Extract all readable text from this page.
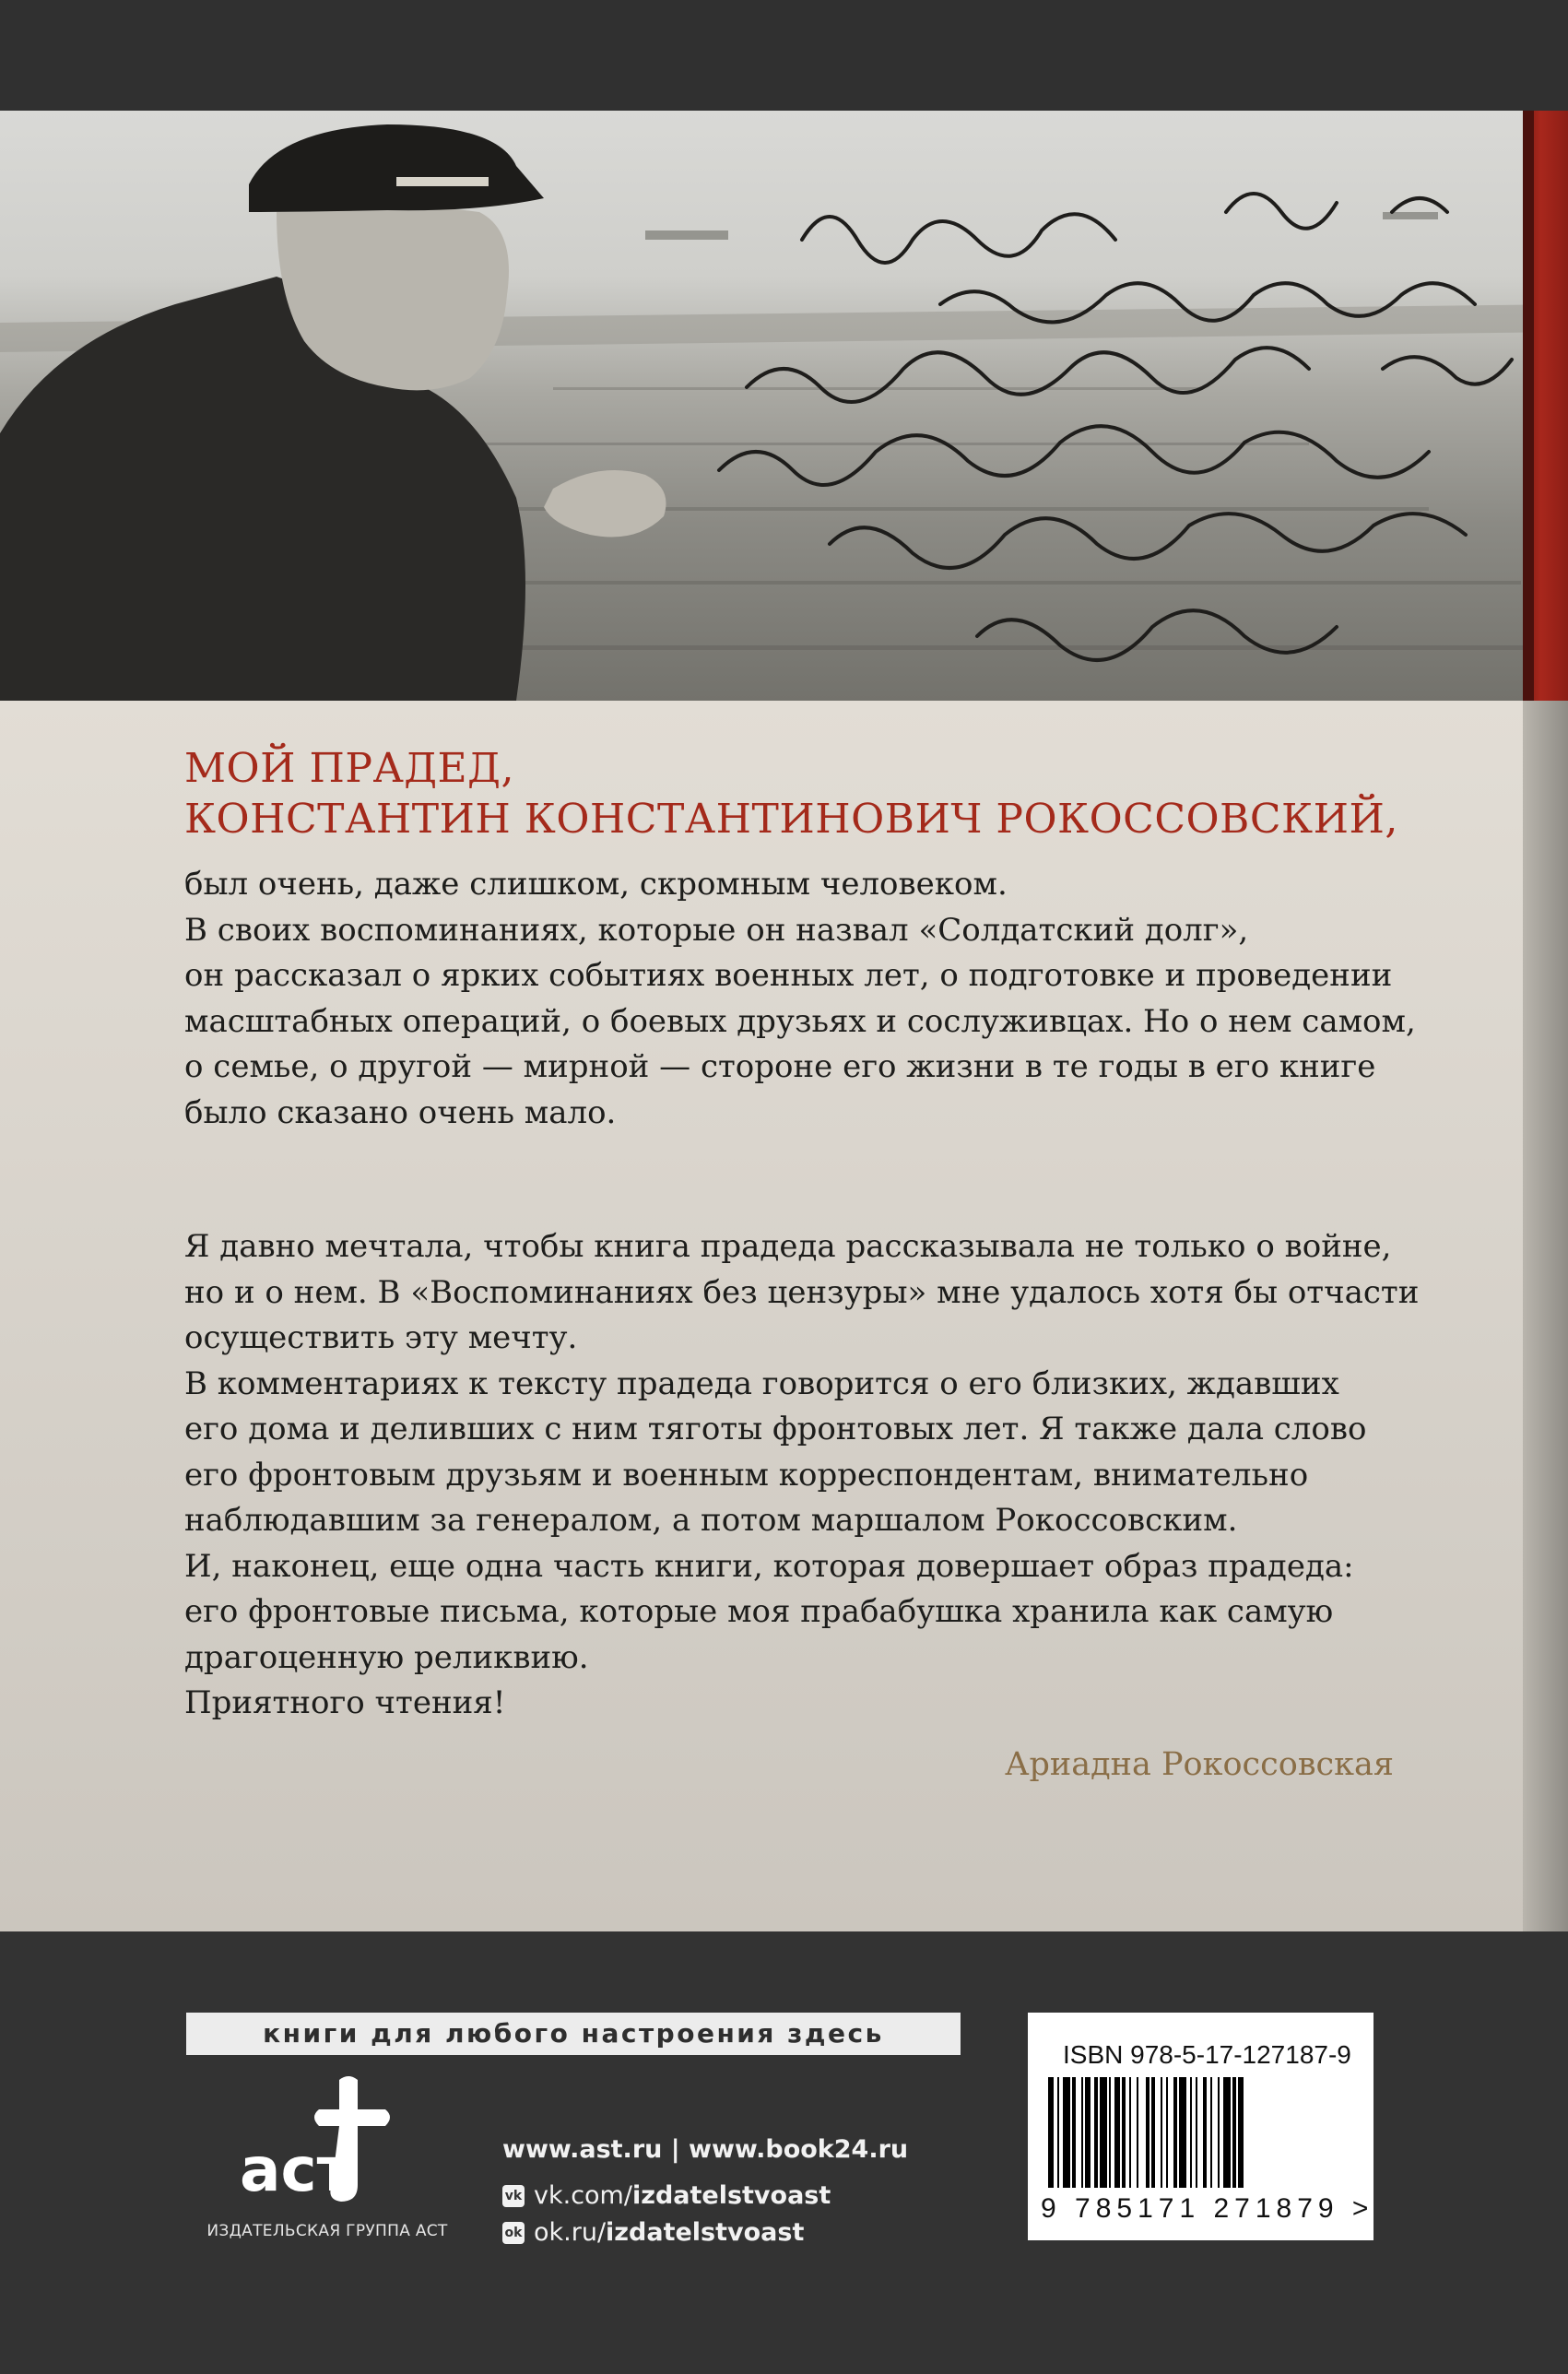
МОЙ ПРАДЕД,
КОНСТАНТИН КОНСТАНТИНОВИЧ РОКОССОВСКИЙ,

был очень, даже слишком, скромным человеком.

В своих воспоминаниях, которые он назвал «Солдатский долг»,

он рассказал о ярких событиях военных лет, о подготовке и проведении

масштабных операций, о боевых друзьях и сослуживцах. Но о нем самом,

о семье, о другой — мирной — стороне его жизни в те годы в его книге

было сказано очень мало.

Я давно мечтала, чтобы книга прадеда рассказывала не только о войне,

но и о нем. В «Воспоминаниях без цензуры» мне удалось хотя бы отчасти

осуществить эту мечту.

В комментариях к тексту прадеда говорится о его близких, ждавших

его дома и деливших с ним тяготы фронтовых лет. Я также дала слово

его фронтовым друзьям и военным корреспондентам, внимательно

наблюдавшим за генералом, а потом маршалом Рокоссовским.

И, наконец, еще одна часть книги, которая довершает образ прадеда:

его фронтовые письма, которые моя прабабушка хранила как самую

драгоценную реликвию.

Приятного чтения!

Ариадна Рокоссовская
книги для любого настроения здесь
аст
ИЗДАТЕЛЬСКАЯ ГРУППА АСТ
www.ast.ru | www.book24.ru
vk vk.com/ izdatelstvoast
ok ok.ru/ izdatelstvoast
ISBN 978-5-17-127187-9
9 785171 271879 >
